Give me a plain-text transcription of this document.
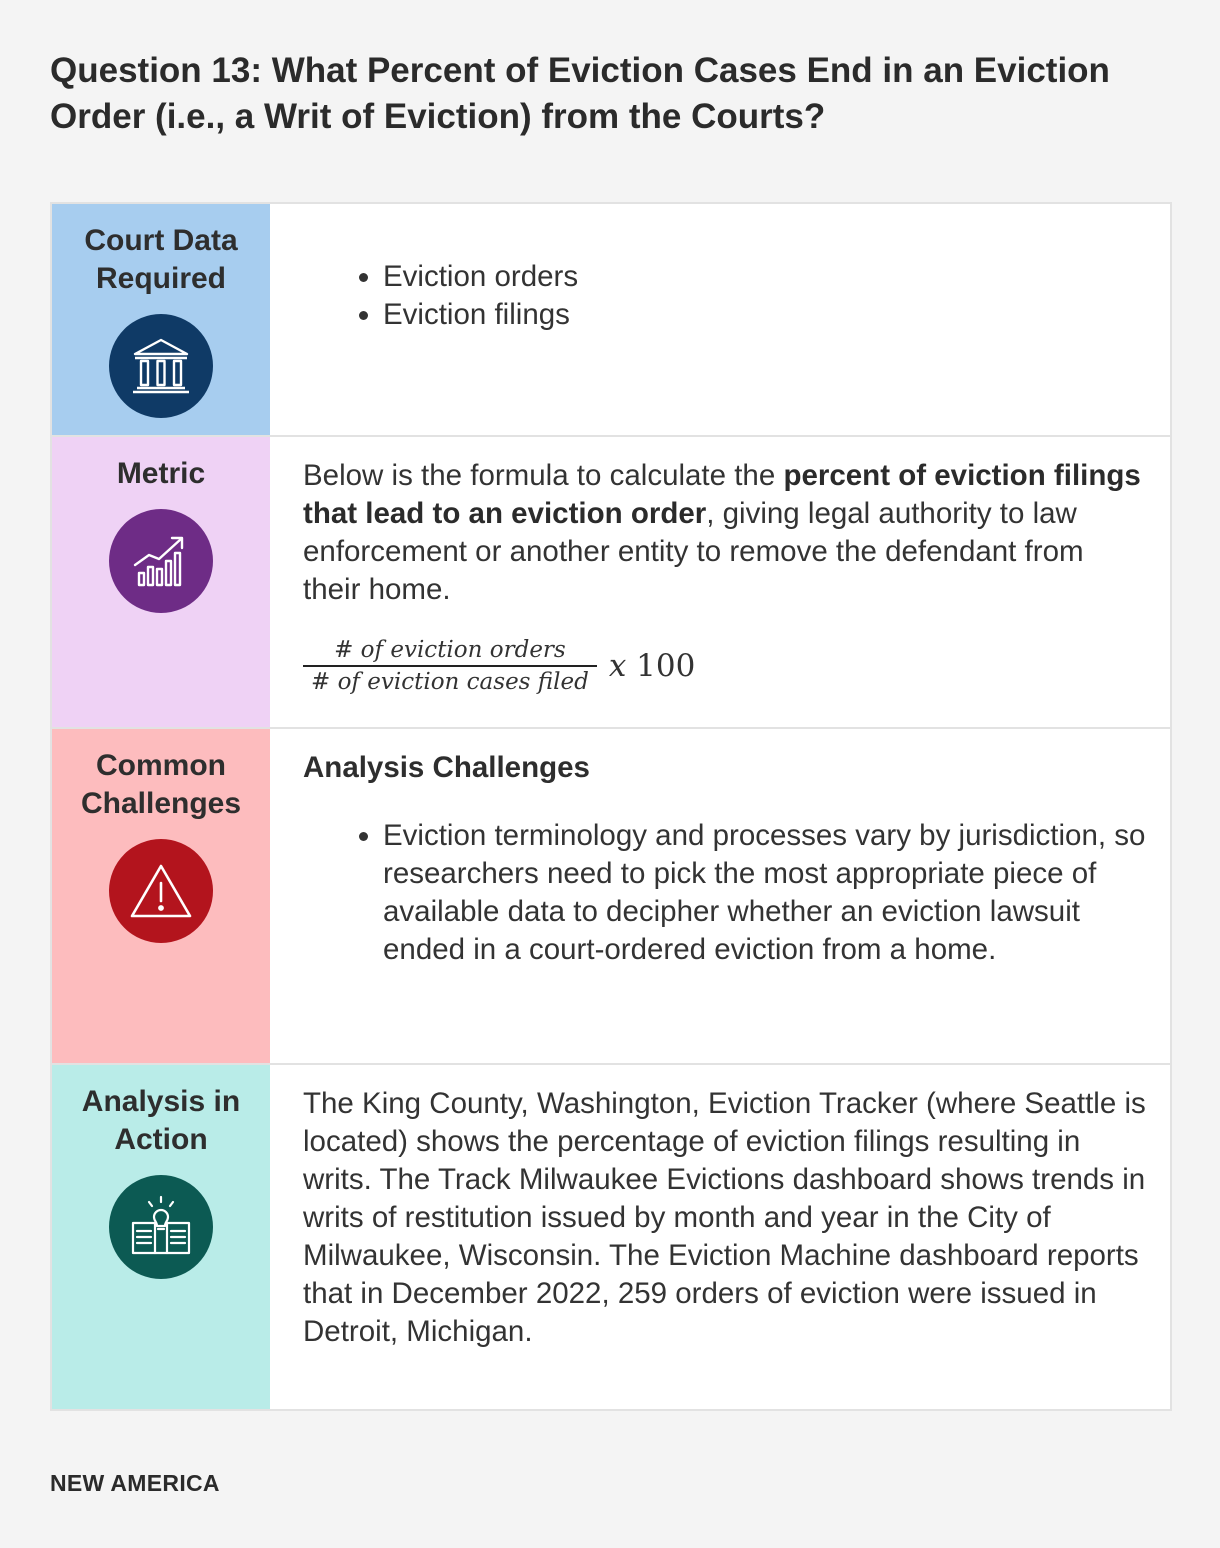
Question 13: What Percent of Eviction Cases End in an Eviction Order (i.e., a Writ of Eviction) from the Courts?
Court Data Required
•	Eviction orders
• Eviction filings
Metric	Below is the formula to calculate the percent of eviction filings that lead to an eviction order, giving legal authority to law enforcement or another entity to remove the defendant from their home.

$\frac{\text{\# of eviction orders}}{\text{\# of eviction cases filed}}$ x 100
Common Challenges

Analysis Challenges

• Eviction terminology and processes vary by jurisdiction, so researchers need to pick the most appropriate piece of available data to decipher whether an eviction lawsuit ended in a court-ordered eviction from a home.
Analysis in Action

The King County, Washington, Eviction Tracker (where Seattle is located) shows the percentage of eviction filings resulting in writs. The Track Milwaukee Evictions dashboard shows trends in writs of restitution issued by month and year in the City of Milwaukee, Wisconsin. The Eviction Machine dashboard reports that in December 2022, 259 orders of eviction were issued in Detroit, Michigan.

NEW AMERICA
